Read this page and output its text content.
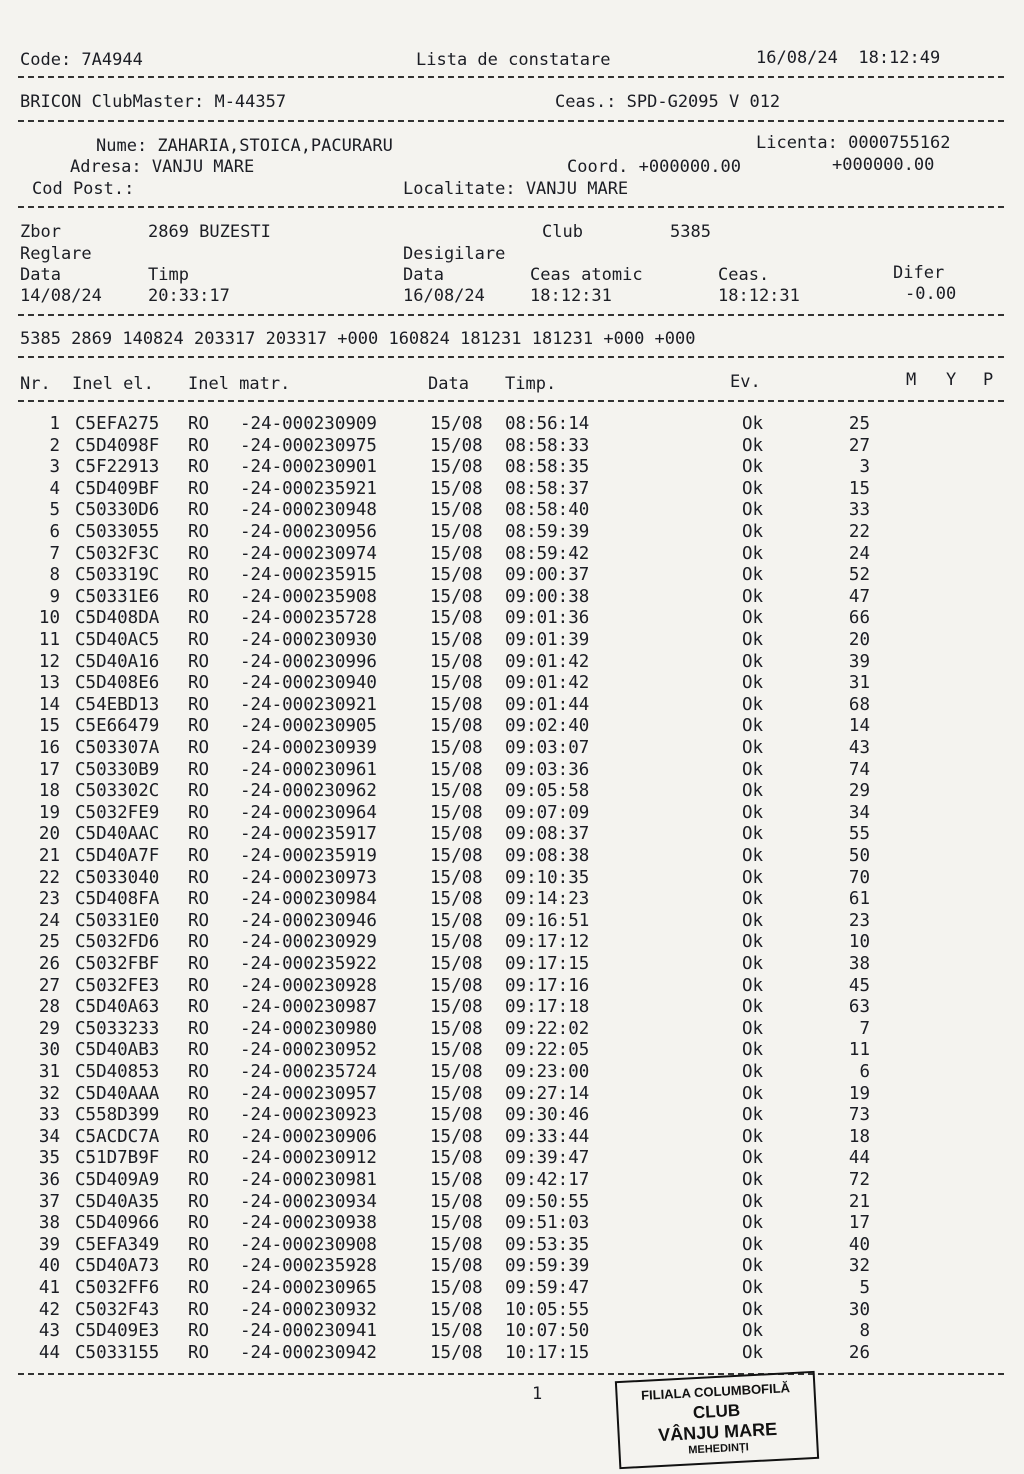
Code: 7A4944	Lista de constatare	16/08/24  18:12:49
BRICON ClubMaster: M-44357	Ceas.: SPD-G2095 V 012
Nume: ZAHARIA,STOICA,PACURARU	Licenta: 0000755162
Adresa: VANJU MARE	Coord. +000000.00	+000000.00
Cod Post.:	Localitate: VANJU MARE
Zbor	2869 BUZESTI	Club	5385
Reglare	Desigilare
Data	Timp	Data	Ceas atomic	Ceas.	Difer
14/08/24	20:33:17	16/08/24	18:12:31	18:12:31	-0.00
5385 2869 140824 203317 203317 +000 160824 181231 181231 +000 +000
Nr. Inel el. Inel matr.	Data Timp.	Ev.	M Y P
1 C5EFA275 RO -24-000230909	15/08 08:56:14	Ok	25
2 C5D4098F RO -24-000230975	15/08 08:58:33	Ok	27
3 C5F22913 RO -24-000230901	15/08 08:58:35	Ok	3
4 C5D409BF RO -24-000235921	15/08 08:58:37	Ok	15
5 C50330D6 RO -24-000230948	15/08 08:58:40	Ok	33
6 C5033055 RO -24-000230956	15/08 08:59:39	Ok	22
7 C5032F3C RO -24-000230974	15/08 08:59:42	Ok	24
8 C503319C RO -24-000235915	15/08 09:00:37	Ok	52
9 C50331E6 RO -24-000235908	15/08 09:00:38	Ok	47
10 C5D408DA RO -24-000235728	15/08 09:01:36	Ok	66
11 C5D40AC5 RO -24-000230930	15/08 09:01:39	Ok	20
12 C5D40A16 RO -24-000230996	15/08 09:01:42	Ok	39
13 C5D408E6 RO -24-000230940	15/08 09:01:42	Ok	31
14 C54EBD13 RO -24-000230921	15/08 09:01:44	Ok	68
15 C5E66479 RO -24-000230905	15/08 09:02:40	Ok	14
16 C503307A RO -24-000230939	15/08 09:03:07	Ok	43
17 C50330B9 RO -24-000230961	15/08 09:03:36	Ok	74
18 C503302C RO -24-000230962	15/08 09:05:58	Ok	29
19 C5032FE9 RO -24-000230964	15/08 09:07:09	Ok	34
20 C5D40AAC RO -24-000235917	15/08 09:08:37	Ok	55
21 C5D40A7F RO -24-000235919	15/08 09:08:38	Ok	50
22 C5033040 RO -24-000230973	15/08 09:10:35	Ok	70
23 C5D408FA RO -24-000230984	15/08 09:14:23	Ok	61
24 C50331E0 RO -24-000230946	15/08 09:16:51	Ok	23
25 C5032FD6 RO -24-000230929	15/08 09:17:12	Ok	10
26 C5032FBF RO -24-000235922	15/08 09:17:15	Ok	38
27 C5032FE3 RO -24-000230928	15/08 09:17:16	Ok	45
28 C5D40A63 RO -24-000230987	15/08 09:17:18	Ok	63
29 C5033233 RO -24-000230980	15/08 09:22:02	Ok	7
30 C5D40AB3 RO -24-000230952	15/08 09:22:05	Ok	11
31 C5D40853 RO -24-000235724	15/08 09:23:00	Ok	6
32 C5D40AAA RO -24-000230957	15/08 09:27:14	Ok	19
33 C558D399 RO -24-000230923	15/08 09:30:46	Ok	73
34 C5ACDC7A RO -24-000230906	15/08 09:33:44	Ok	18
35 C51D7B9F RO -24-000230912	15/08 09:39:47	Ok	44
36 C5D409A9 RO -24-000230981	15/08 09:42:17	Ok	72
37 C5D40A35 RO -24-000230934	15/08 09:50:55	Ok	21
38 C5D40966 RO -24-000230938	15/08 09:51:03	Ok	17
39 C5EFA349 RO -24-000230908	15/08 09:53:35	Ok	40
40 C5D40A73 RO -24-000235928	15/08 09:59:39	Ok	32
41 C5032FF6 RO -24-000230965	15/08 09:59:47	Ok	5
42 C5032F43 RO -24-000230932	15/08 10:05:55	Ok	30
43 C5D409E3 RO -24-000230941	15/08 10:07:50	Ok	8
44 C5033155 RO -24-000230942	15/08 10:17:15	Ok	26
1	FILIALA COLUMBOFILĂ
CLUB
VÂNJU MARE
MEHEDINȚI
